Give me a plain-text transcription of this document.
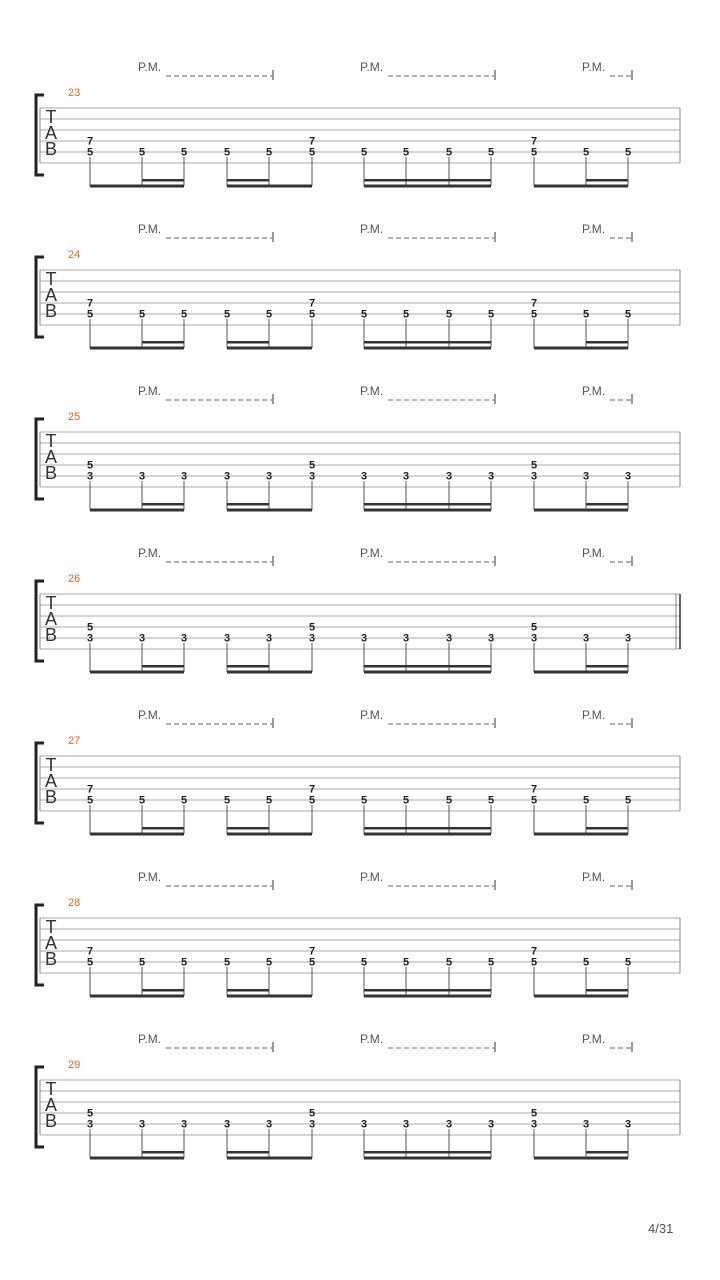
P.M.	P.M.	P.M.
23
T
A
B	7
5	5	5	5	5
7
5	5	5	5	5
7
5	5	5
P.M.	P.M.	P.M.
24
T
A
B	7
5	5	5	5	5
7
5	5	5	5	5
7
5	5	5
P.M.	P.M.	P.M.
25
T
A
B	5
3	3	3	3	3
5
3	3	3	3	3
5
3	3	3
P.M.	P.M.	P.M.
26
T
A
B	5
3	3	3	3	3
5
3	3	3	3	3
5
3	3	3
P.M.	P.M.	P.M.
27
T
A
B	7
5	5	5	5	5
7
5	5	5	5	5
7
5	5	5
P.M.	P.M.	P.M.
28
T
A
B	7
5	5	5	5	5
7
5	5	5	5	5
7
5	5	5
P.M.	P.M.	P.M.
29
T
A
B	5
3	3	3	3	3
5
3	3	3	3	3
5
3	3	3
4/31
